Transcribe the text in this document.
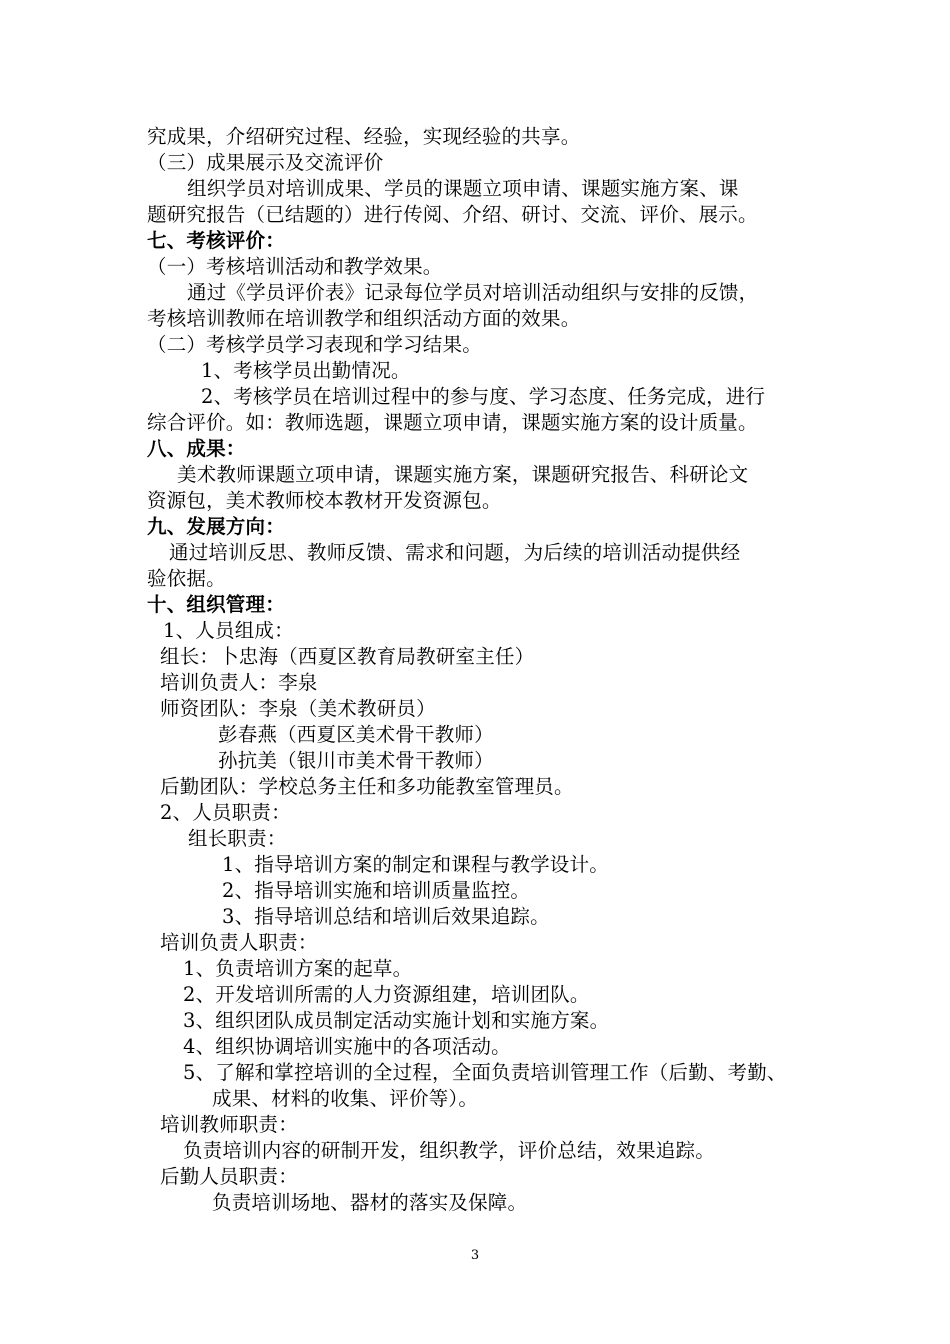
究成果，介绍研究过程、经验，实现经验的共享。
（三）成果展示及交流评价
组织学员对培训成果、学员的课题立项申请、课题实施方案、课
题研究报告（已结题的）进行传阅、介绍、研讨、交流、评价、展示。
七、考核评价：
（一）考核培训活动和教学效果。
通过《学员评价表》记录每位学员对培训活动组织与安排的反馈，
考核培训教师在培训教学和组织活动方面的效果。
（二）考核学员学习表现和学习结果。
1、考核学员出勤情况。
2、考核学员在培训过程中的参与度、学习态度、任务完成，进行
综合评价。如：教师选题，课题立项申请，课题实施方案的设计质量。
八、成果：
美术教师课题立项申请，课题实施方案，课题研究报告、科研论文
资源包，美术教师校本教材开发资源包。
九、发展方向：
通过培训反思、教师反馈、需求和问题，为后续的培训活动提供经
验依据。
十、组织管理：
1、人员组成：
组长：卜忠海（西夏区教育局教研室主任）
培训负责人：李泉
师资团队：李泉（美术教研员）
彭春燕（西夏区美术骨干教师）
孙抗美（银川市美术骨干教师）
后勤团队：学校总务主任和多功能教室管理员。
2、人员职责：
组长职责：
1、指导培训方案的制定和课程与教学设计。
2、指导培训实施和培训质量监控。
3、指导培训总结和培训后效果追踪。
培训负责人职责：
1、负责培训方案的起草。
2、开发培训所需的人力资源组建，培训团队。
3、组织团队成员制定活动实施计划和实施方案。
4、组织协调培训实施中的各项活动。
5、了解和掌控培训的全过程，全面负责培训管理工作（后勤、考勤、
成果、材料的收集、评价等）。
培训教师职责：
负责培训内容的研制开发，组织教学，评价总结，效果追踪。
后勤人员职责：
负责培训场地、器材的落实及保障。
3
